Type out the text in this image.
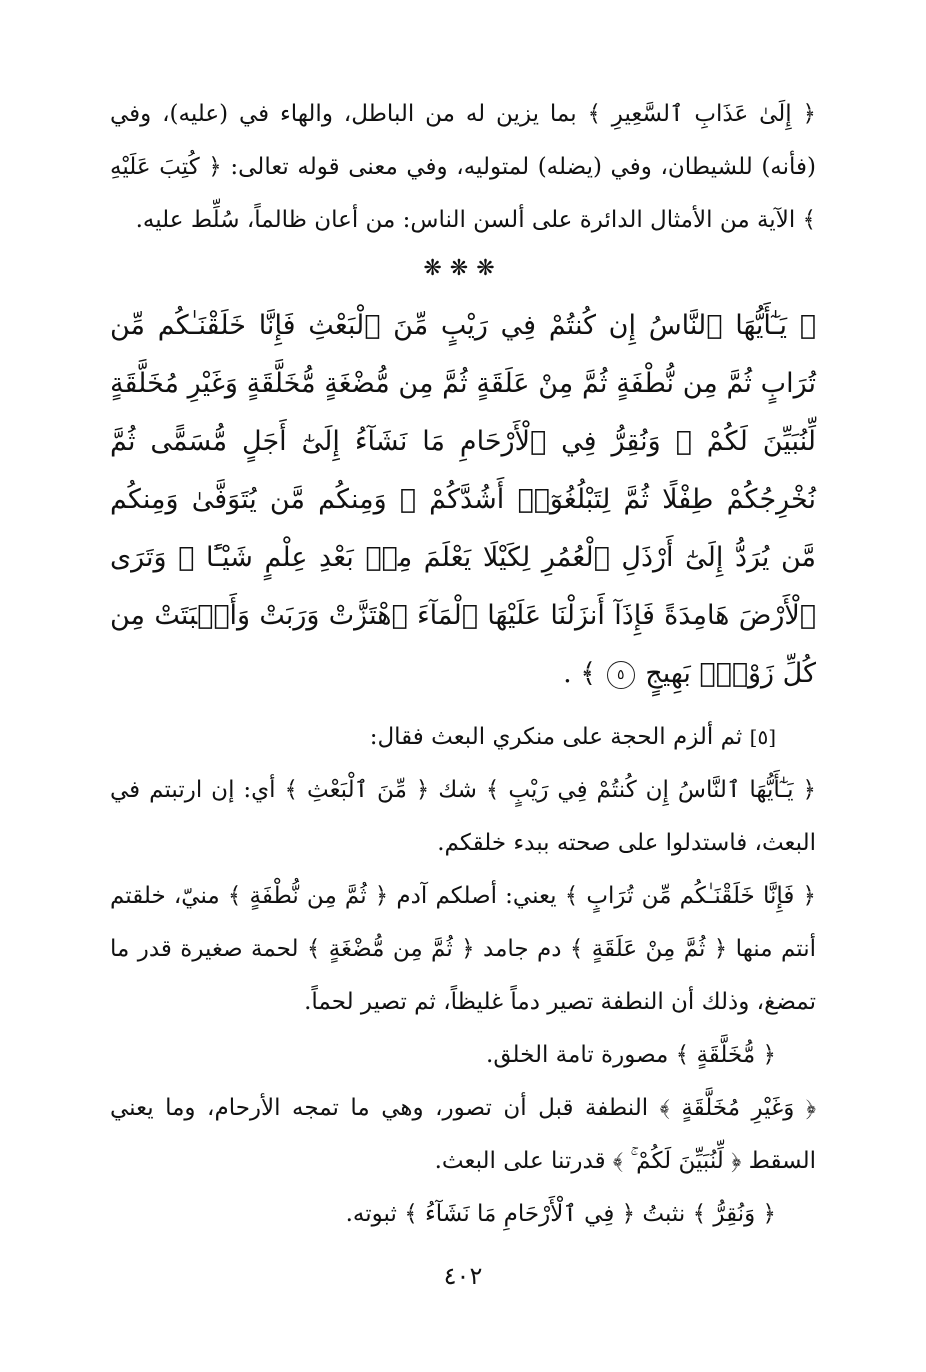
﴿ إِلَىٰ عَذَابِ ٱلسَّعِيرِ ﴾ بما يزين له من الباطل، والهاء في (عليه)، وفي (فأنه) للشيطان، وفي (يضله) لمتوليه، وفي معنى قوله تعالى: ﴿ كُتِبَ عَلَيْهِ ﴾ الآية من الأمثال الدائرة على ألسن الناس: من أعان ظالماً، سُلِّط عليه.

❋❋❋

﴿ يَـٰٓأَيُّهَا ٱلنَّاسُ إِن كُنتُمْ فِي رَيْبٍ مِّنَ ٱلْبَعْثِ فَإِنَّا خَلَقْنَـٰكُم مِّن تُرَابٍ ثُمَّ مِن نُّطْفَةٍ ثُمَّ مِنْ عَلَقَةٍ ثُمَّ مِن مُّضْغَةٍ مُّخَلَّقَةٍ وَغَيْرِ مُخَلَّقَةٍ لِّنُبَيِّنَ لَكُمْ ۚ وَنُقِرُّ فِي ٱلْأَرْحَامِ مَا نَشَآءُ إِلَىٰٓ أَجَلٍ مُّسَمًّى ثُمَّ نُخْرِجُكُمْ طِفْلًا ثُمَّ لِتَبْلُغُوٓا۟ أَشُدَّكُمْ ۖ وَمِنكُم مَّن يُتَوَفَّىٰ وَمِنكُم مَّن يُرَدُّ إِلَىٰٓ أَرْذَلِ ٱلْعُمُرِ لِكَيْلَا يَعْلَمَ مِنۢ بَعْدِ عِلْمٍ شَيْـًٔا ۚ وَتَرَى ٱلْأَرْضَ هَامِدَةً فَإِذَآ أَنزَلْنَا عَلَيْهَا ٱلْمَآءَ ٱهْتَزَّتْ وَرَبَتْ وَأَنۢبَتَتْ مِن كُلِّ زَوْجٍۭ بَهِيجٍ ٥ ﴾ .

[٥] ثم ألزم الحجة على منكري البعث فقال:

﴿ يَـٰٓأَيُّهَا ٱلنَّاسُ إِن كُنتُمْ فِي رَيْبٍ ﴾ شك ﴿ مِّنَ ٱلْبَعْثِ ﴾ أي: إن ارتبتم في البعث، فاستدلوا على صحته ببدء خلقكم.

﴿ فَإِنَّا خَلَقْنَـٰكُم مِّن تُرَابٍ ﴾ يعني: أصلكم آدم ﴿ ثُمَّ مِن نُّطْفَةٍ ﴾ منيّ، خلقتم أنتم منها ﴿ ثُمَّ مِنْ عَلَقَةٍ ﴾ دم جامد ﴿ ثُمَّ مِن مُّضْغَةٍ ﴾ لحمة صغيرة قدر ما تمضغ، وذلك أن النطفة تصير دماً غليظاً، ثم تصير لحماً.

﴿ مُّخَلَّقَةٍ ﴾ مصورة تامة الخلق.

﴿ وَغَيْرِ مُخَلَّقَةٍ ﴾ النطفة قبل أن تصور، وهي ما تمجه الأرحام، وما يعني السقط ﴿ لِّنُبَيِّنَ لَكُمْ ۚ ﴾ قدرتنا على البعث.

﴿ وَنُقِرُّ ﴾ نثبتُ ﴿ فِي ٱلْأَرْحَامِ مَا نَشَآءُ ﴾ ثبوته.

٤٠٢
